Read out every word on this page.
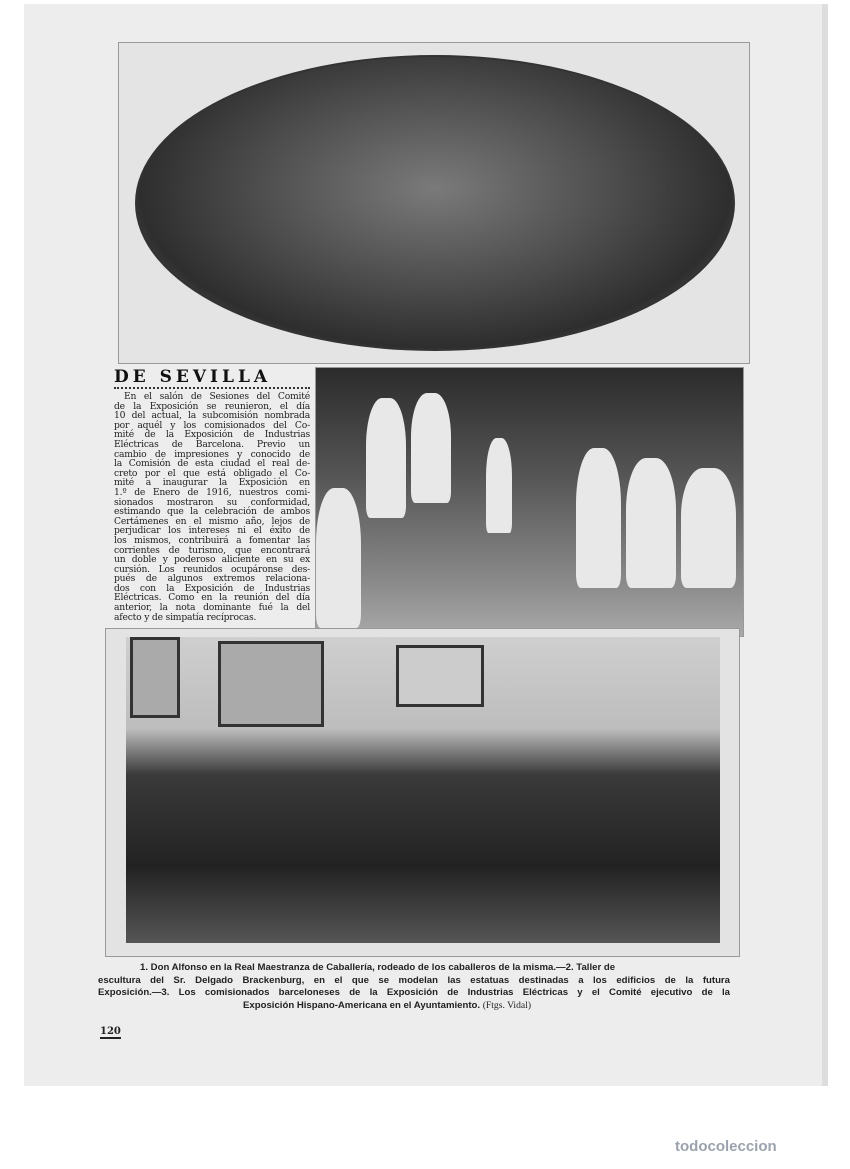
DE SEVILLA
En el salón de Sesiones del Comité
de la Exposición se reunieron, el día
10 del actual, la subcomisión nombrada
por aquél y los comisionados del Co-
mité de la Exposición de Industrias
Eléctricas de Barcelona. Previo un
cambio de impresiones y conocido de
la Comisión de esta ciudad el real de-
creto por el que está obligado el Co-
mité a inaugurar la Exposición en
1.º de Enero de 1916, nuestros comi-
sionados mostraron su conformidad,
estimando que la celebración de ambos
Certámenes en el mismo año, lejos de
perjudicar los intereses ni el éxito de
los mismos, contribuirá a fomentar las
corrientes de turismo, que encontrará
un doble y poderoso aliciente en su ex
cursión. Los reunidos ocupáronse des-
pués de algunos extremos relaciona-
dos con la Exposición de Industrias
Eléctricas. Como en la reunión del día
anterior, la nota dominante fué la del
afecto y de simpatía recíprocas.
1. Don Alfonso en la Real Maestranza de Caballería, rodeado de los caballeros de la misma.—2. Taller de
escultura del Sr. Delgado Brackenburg, en el que se modelan las estatuas destinadas a los edificios de la futura
Exposición.—3. Los comisionados barceloneses de la Exposición de Industrias Eléctricas y el Comité ejecutivo de la
Exposición Hispano-Americana en el Ayuntamiento. (Ftgs. Vidal)
120
todocoleccion
